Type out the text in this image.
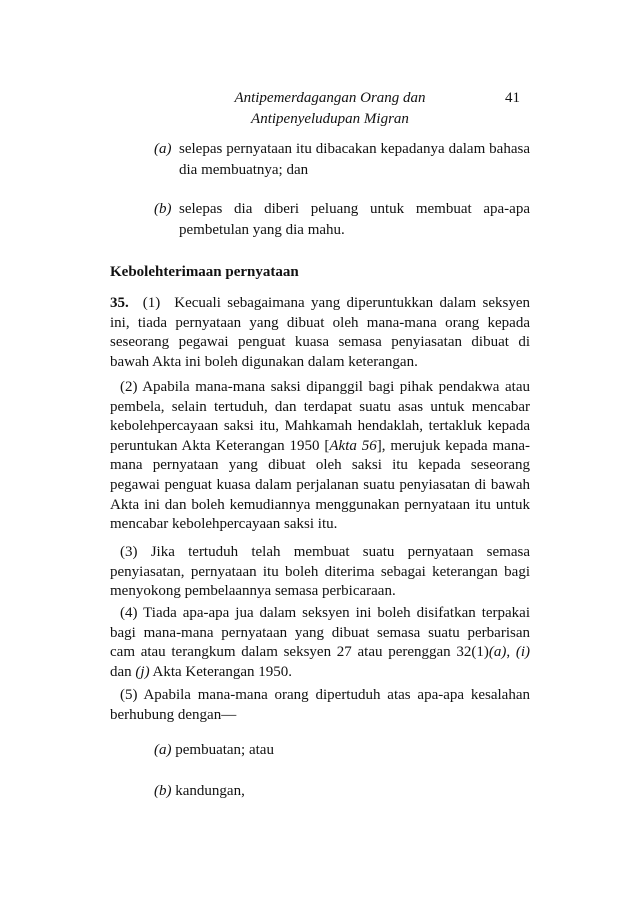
Antipemerdagangan Orang dan
Antipenyeludupan Migran
41
(a) selepas pernyataan itu dibacakan kepadanya dalam bahasa dia membuatnya; dan
(b) selepas dia diberi peluang untuk membuat apa-apa pembetulan yang dia mahu.
Kebolehterimaan pernyataan
35. (1) Kecuali sebagaimana yang diperuntukkan dalam seksyen ini, tiada pernyataan yang dibuat oleh mana-mana orang kepada seseorang pegawai penguat kuasa semasa penyiasatan dibuat di bawah Akta ini boleh digunakan dalam keterangan.
(2) Apabila mana-mana saksi dipanggil bagi pihak pendakwa atau pembela, selain tertuduh, dan terdapat suatu asas untuk mencabar kebolehpercayaan saksi itu, Mahkamah hendaklah, tertakluk kepada peruntukan Akta Keterangan 1950 [Akta 56], merujuk kepada mana-mana pernyataan yang dibuat oleh saksi itu kepada seseorang pegawai penguat kuasa dalam perjalanan suatu penyiasatan di bawah Akta ini dan boleh kemudiannya menggunakan pernyataan itu untuk mencabar kebolehpercayaan saksi itu.
(3) Jika tertuduh telah membuat suatu pernyataan semasa penyiasatan, pernyataan itu boleh diterima sebagai keterangan bagi menyokong pembelaannya semasa perbicaraan.
(4) Tiada apa-apa jua dalam seksyen ini boleh disifatkan terpakai bagi mana-mana pernyataan yang dibuat semasa suatu perbarisan cam atau terangkum dalam seksyen 27 atau perenggan 32(1)(a), (i) dan (j) Akta Keterangan 1950.
(5) Apabila mana-mana orang dipertuduh atas apa-apa kesalahan berhubung dengan—
(a) pembuatan; atau
(b) kandungan,
